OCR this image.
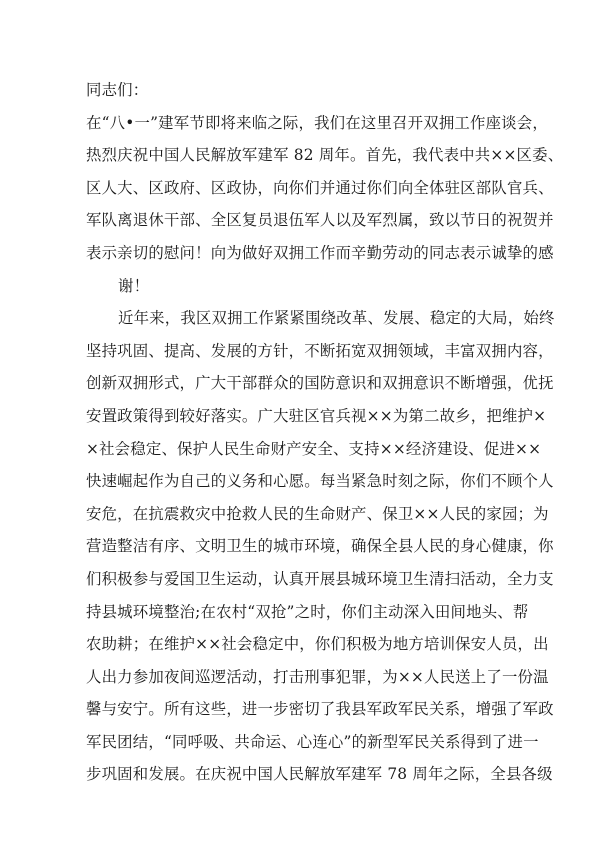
同志们：
在“八•一”建军节即将来临之际，我们在这里召开双拥工作座谈会，
热烈庆祝中国人民解放军建军 82 周年。首先，我代表中共××区委、
区人大、区政府、区政协，向你们并通过你们向全体驻区部队官兵、
军队离退休干部、全区复员退伍军人以及军烈属，致以节日的祝贺并
表示亲切的慰问！向为做好双拥工作而辛勤劳动的同志表示诚挚的感
谢！
近年来，我区双拥工作紧紧围绕改革、发展、稳定的大局，始终
坚持巩固、提高、发展的方针，不断拓宽双拥领域，丰富双拥内容，
创新双拥形式，广大干部群众的国防意识和双拥意识不断增强，优抚
安置政策得到较好落实。广大驻区官兵视××为第二故乡，把维护×
×社会稳定、保护人民生命财产安全、支持××经济建设、促进××
快速崛起作为自己的义务和心愿。每当紧急时刻之际，你们不顾个人
安危，在抗震救灾中抢救人民的生命财产、保卫××人民的家园；为
营造整洁有序、文明卫生的城市环境，确保全县人民的身心健康，你
们积极参与爱国卫生运动，认真开展县城环境卫生清扫活动，全力支
持县城环境整治;在农村“双抢”之时，你们主动深入田间地头、帮
农助耕；在维护××社会稳定中，你们积极为地方培训保安人员，出
人出力参加夜间巡逻活动，打击刑事犯罪，为××人民送上了一份温
馨与安宁。所有这些，进一步密切了我县军政军民关系，增强了军政
军民团结，“同呼吸、共命运、心连心”的新型军民关系得到了进一
步巩固和发展。在庆祝中国人民解放军建军 78 周年之际，全县各级
